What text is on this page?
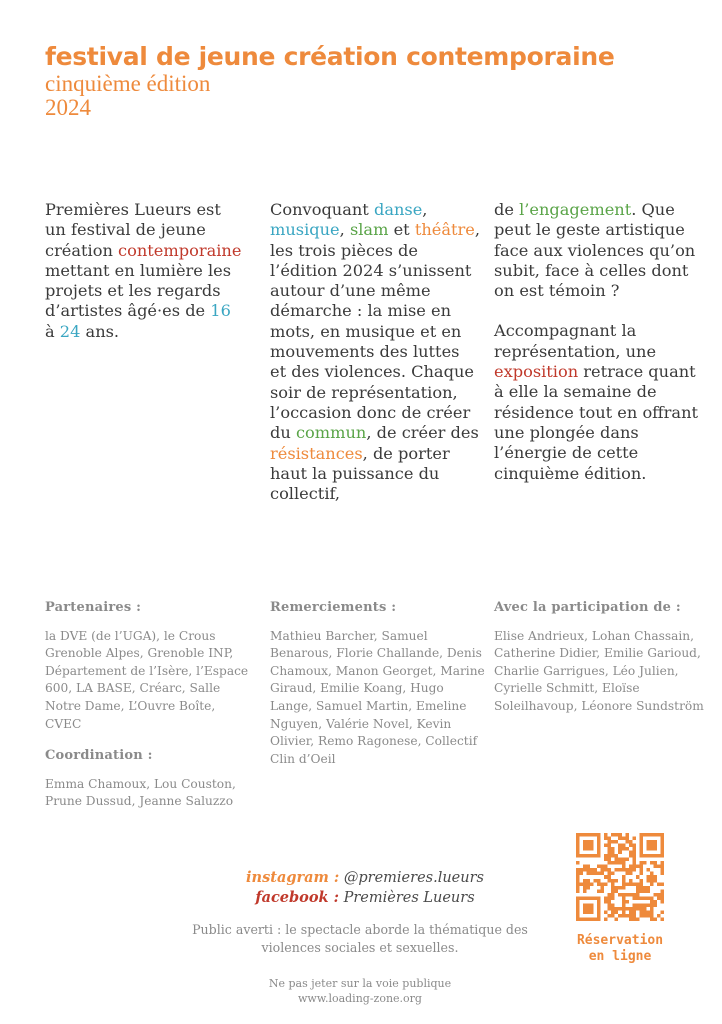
festival de jeune création contemporaine
cinquième édition
2024

Premières Lueurs est un festival de jeune création contemporaine mettant en lumière les projets et les regards d’artistes âgé·es de 16 à 24 ans.

Convoquant danse, musique, slam et théâtre, les trois pièces de l’édition 2024 s’unissent autour d’une même démarche : la mise en mots, en musique et en mouvements des luttes et des violences. Chaque soir de représentation, l’occasion donc de créer du commun, de créer des résistances, de porter haut la puissance du collectif,

de l’engagement. Que peut le geste artistique face aux violences qu’on subit, face à celles dont on est témoin ?

Accompagnant la représentation, une exposition retrace quant à elle la semaine de résidence tout en offrant une plongée dans l’énergie de cette cinquième édition.

Partenaires :
la DVE (de l’UGA), le Crous Grenoble Alpes, Grenoble INP, Département de l’Isère, l’Espace 600, LA BASE, Créarc, Salle Notre Dame, L’Ouvre Boîte, CVEC
Coordination :
Emma Chamoux, Lou Couston, Prune Dussud, Jeanne Saluzzo
Remerciements :
Mathieu Barcher, Samuel Benarous, Florie Challande, Denis Chamoux, Manon Georget, Marine Giraud, Emilie Koang, Hugo Lange, Samuel Martin, Emeline Nguyen, Valérie Novel, Kevin Olivier, Remo Ragonese, Collectif Clin d’Oeil
Avec la participation de :
Elise Andrieux, Lohan Chassain, Catherine Didier, Emilie Garioud, Charlie Garrigues, Léo Julien, Cyrielle Schmitt, Eloïse Soleilhavoup, Léonore Sundström
instagram : @premieres.lueurs
facebook : Premières Lueurs
Public averti : le spectacle aborde la thématique des violences sociales et sexuelles.
Ne pas jeter sur la voie publique
www.loading-zone.org
Réservation
en ligne
